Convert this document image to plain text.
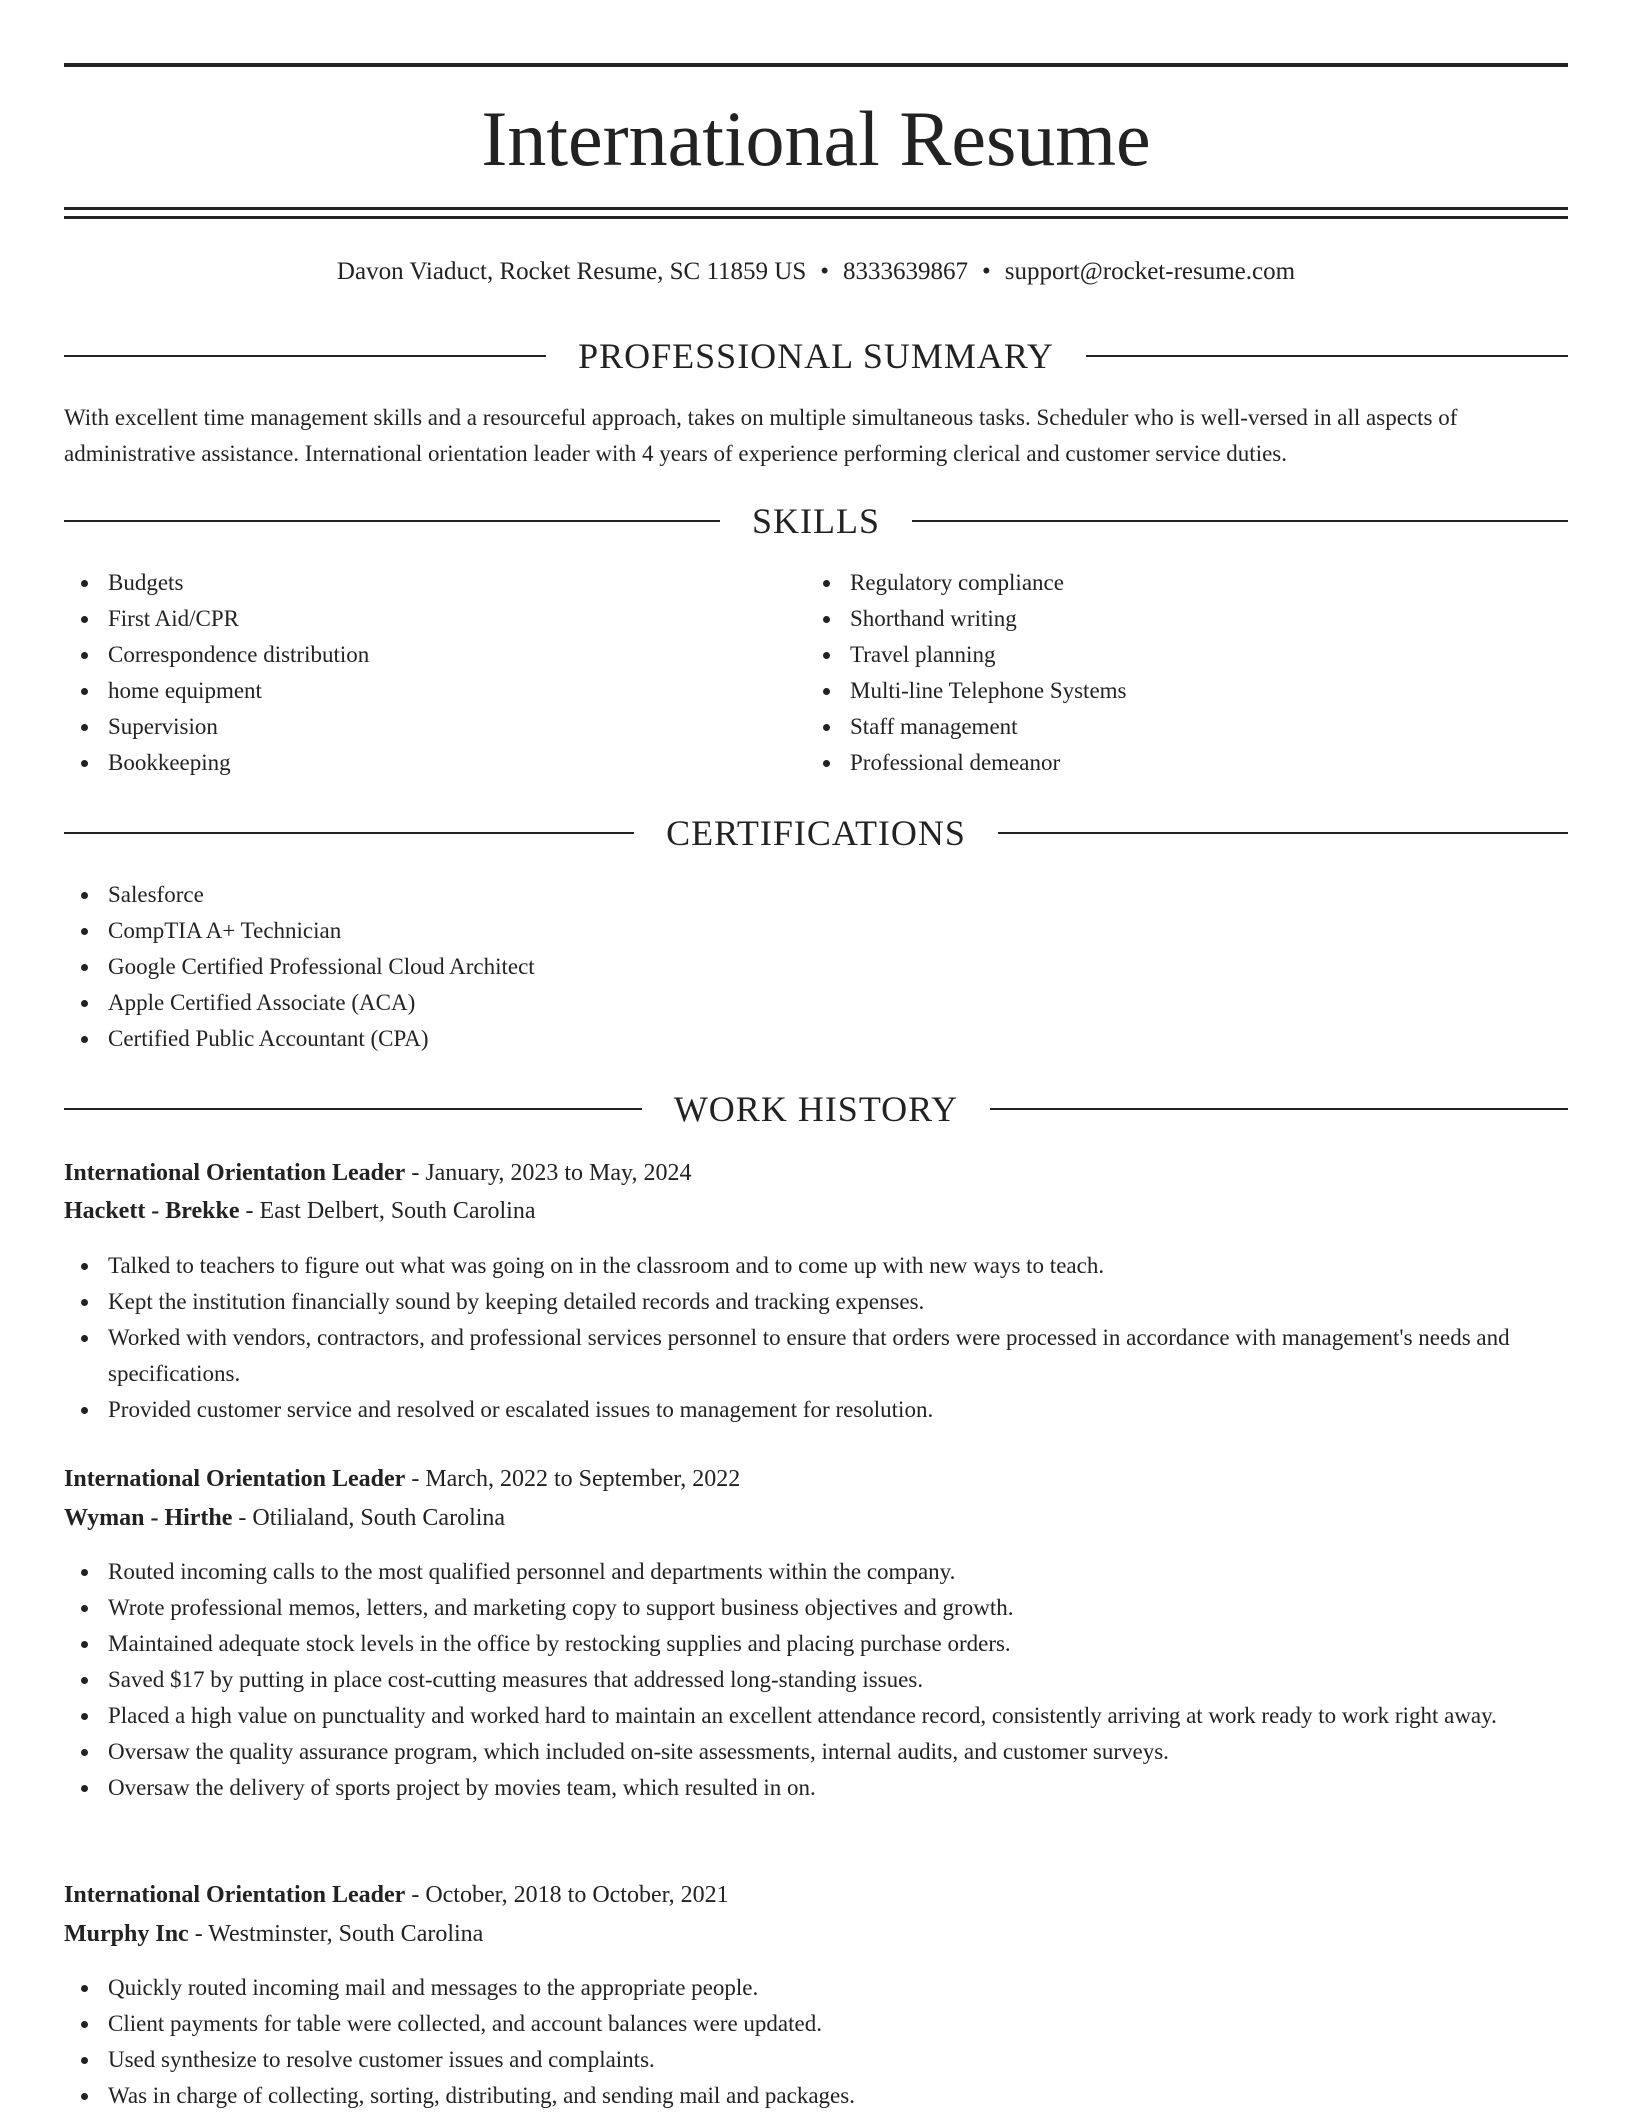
International Resume
Davon Viaduct, Rocket Resume, SC 11859 US • 8333639867 • support@rocket-resume.com
PROFESSIONAL SUMMARY
With excellent time management skills and a resourceful approach, takes on multiple simultaneous tasks. Scheduler who is well-versed in all aspects of administrative assistance. International orientation leader with 4 years of experience performing clerical and customer service duties.
SKILLS
Budgets
First Aid/CPR
Correspondence distribution
home equipment
Supervision
Bookkeeping
Regulatory compliance
Shorthand writing
Travel planning
Multi-line Telephone Systems
Staff management
Professional demeanor
CERTIFICATIONS
Salesforce
CompTIA A+ Technician
Google Certified Professional Cloud Architect
Apple Certified Associate (ACA)
Certified Public Accountant (CPA)
WORK HISTORY
International Orientation Leader - January, 2023 to May, 2024
Hackett - Brekke - East Delbert, South Carolina
Talked to teachers to figure out what was going on in the classroom and to come up with new ways to teach.
Kept the institution financially sound by keeping detailed records and tracking expenses.
Worked with vendors, contractors, and professional services personnel to ensure that orders were processed in accordance with management's needs and specifications.
Provided customer service and resolved or escalated issues to management for resolution.
International Orientation Leader - March, 2022 to September, 2022
Wyman - Hirthe - Otilialand, South Carolina
Routed incoming calls to the most qualified personnel and departments within the company.
Wrote professional memos, letters, and marketing copy to support business objectives and growth.
Maintained adequate stock levels in the office by restocking supplies and placing purchase orders.
Saved $17 by putting in place cost-cutting measures that addressed long-standing issues.
Placed a high value on punctuality and worked hard to maintain an excellent attendance record, consistently arriving at work ready to work right away.
Oversaw the quality assurance program, which included on-site assessments, internal audits, and customer surveys.
Oversaw the delivery of sports project by movies team, which resulted in on.
International Orientation Leader - October, 2018 to October, 2021
Murphy Inc - Westminster, South Carolina
Quickly routed incoming mail and messages to the appropriate people.
Client payments for table were collected, and account balances were updated.
Used synthesize to resolve customer issues and complaints.
Was in charge of collecting, sorting, distributing, and sending mail and packages.
